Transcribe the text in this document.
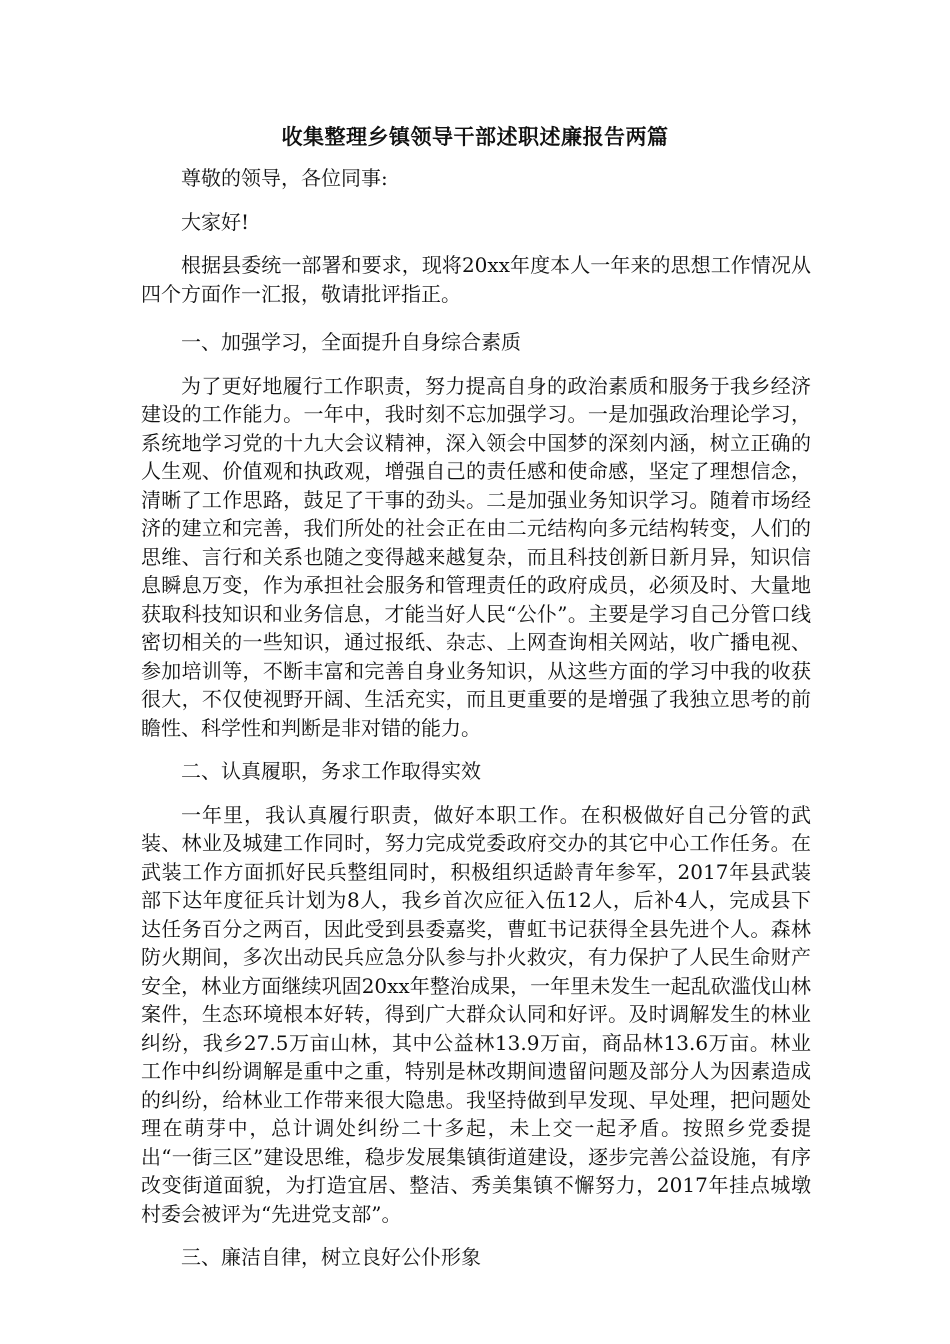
收集整理乡镇领导干部述职述廉报告两篇

尊敬的领导，各位同事:

大家好!

根据县委统一部署和要求，现将20xx年度本人一年来的思想工作情况从四个方面作一汇报，敬请批评指正。

一、加强学习，全面提升自身综合素质

为了更好地履行工作职责，努力提高自身的政治素质和服务于我乡经济建设的工作能力。一年中，我时刻不忘加强学习。一是加强政治理论学习，系统地学习党的十九大会议精神，深入领会中国梦的深刻内涵，树立正确的人生观、价值观和执政观，增强自己的责任感和使命感，坚定了理想信念，清晰了工作思路，鼓足了干事的劲头。二是加强业务知识学习。随着市场经济的建立和完善，我们所处的社会正在由二元结构向多元结构转变，人们的思维、言行和关系也随之变得越来越复杂，而且科技创新日新月异，知识信息瞬息万变，作为承担社会服务和管理责任的政府成员，必须及时、大量地获取科技知识和业务信息，才能当好人民“公仆”。主要是学习自己分管口线密切相关的一些知识，通过报纸、杂志、上网查询相关网站，收广播电视、参加培训等，不断丰富和完善自身业务知识，从这些方面的学习中我的收获很大，不仅使视野开阔、生活充实，而且更重要的是增强了我独立思考的前瞻性、科学性和判断是非对错的能力。

二、认真履职，务求工作取得实效

一年里，我认真履行职责，做好本职工作。在积极做好自己分管的武装、林业及城建工作同时，努力完成党委政府交办的其它中心工作任务。在武装工作方面抓好民兵整组同时，积极组织适龄青年参军，2017年县武装部下达年度征兵计划为8人，我乡首次应征入伍12人，后补4人，完成县下达任务百分之两百，因此受到县委嘉奖，曹虹书记获得全县先进个人。森林防火期间，多次出动民兵应急分队参与扑火救灾，有力保护了人民生命财产安全，林业方面继续巩固20xx年整治成果，一年里未发生一起乱砍滥伐山林案件，生态环境根本好转，得到广大群众认同和好评。及时调解发生的林业纠纷，我乡27.5万亩山林，其中公益林13.9万亩，商品林13.6万亩。林业工作中纠纷调解是重中之重，特别是林改期间遗留问题及部分人为因素造成的纠纷，给林业工作带来很大隐患。我坚持做到早发现、早处理，把问题处理在萌芽中，总计调处纠纷二十多起，未上交一起矛盾。按照乡党委提出“一街三区”建设思维，稳步发展集镇街道建设，逐步完善公益设施，有序改变街道面貌，为打造宜居、整洁、秀美集镇不懈努力，2017年挂点城墩村委会被评为“先进党支部”。

三、廉洁自律，树立良好公仆形象
